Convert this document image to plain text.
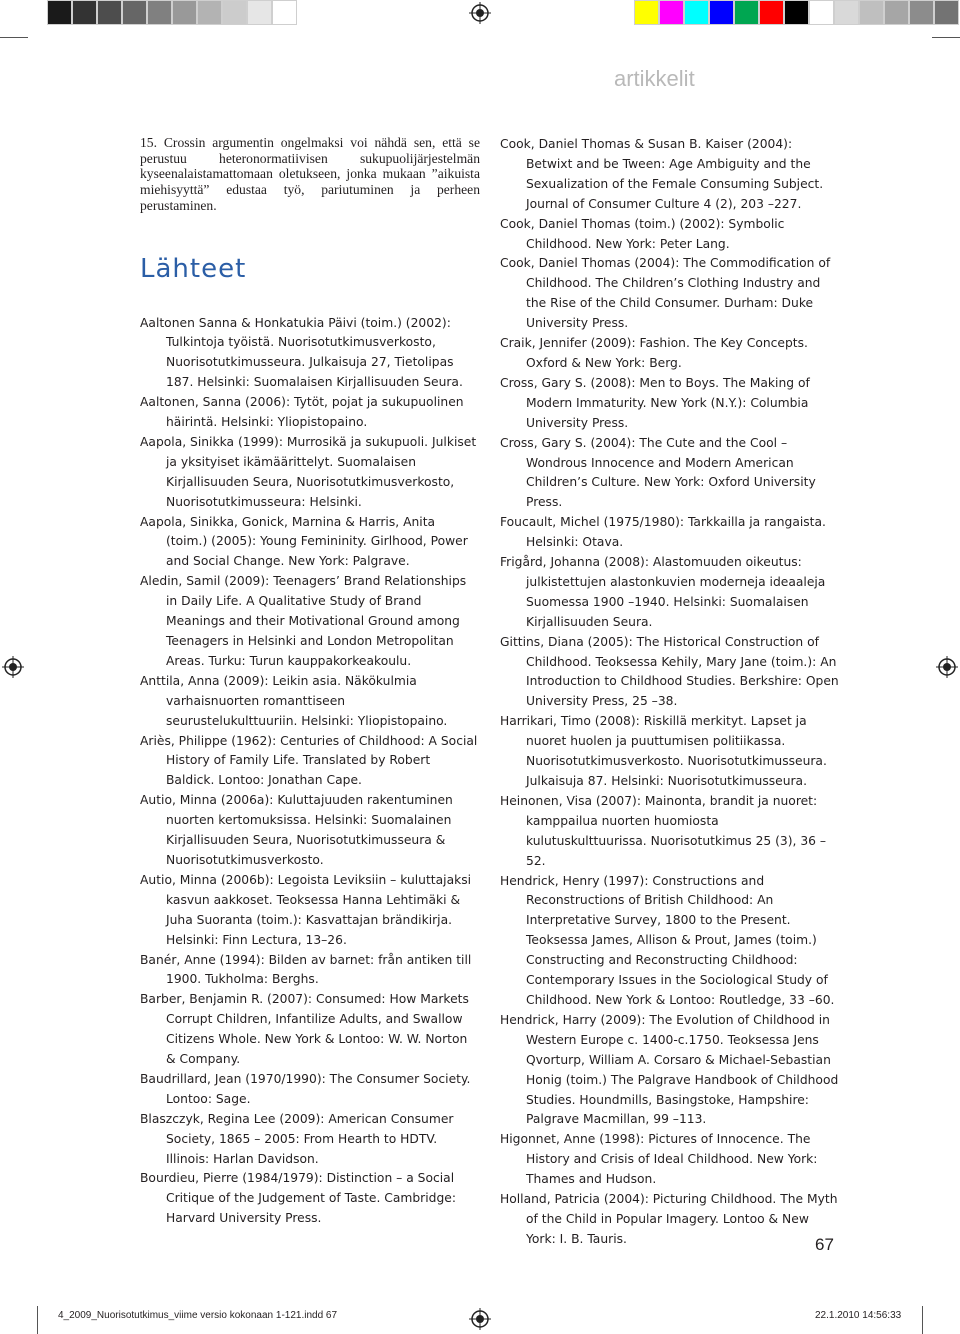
artikkelit

15. Crossin argumentin ongelmaksi voi nähdä sen, että se perustuu heteronormatiivisen sukupuolijärjestelmän kyseenalaistamattomaan oletukseen, jonka mukaan ”aikuista miehisyyttä” edustaa työ, pariutuminen ja perheen perustaminen.

Lähteet

Aaltonen Sanna & Honkatukia Päivi (toim.) (2002): Tulkintoja työistä. Nuorisotutkimusverkosto, Nuorisotutkimusseura. Julkaisuja 27, Tietolipas 187. Helsinki: Suomalaisen Kirjallisuuden Seura.

Aaltonen, Sanna (2006): Tytöt, pojat ja sukupuolinen häirintä. Helsinki: Yliopistopaino.

Aapola, Sinikka (1999): Murrosikä ja sukupuoli. Julkiset ja yksityiset ikämäärittelyt. Suomalaisen Kirjallisuuden Seura, Nuorisotutkimusverkosto, Nuorisotutkimusseura: Helsinki.

Aapola, Sinikka, Gonick, Marnina & Harris, Anita (toim.) (2005): Young Femininity. Girlhood, Power and Social Change. New York: Palgrave.

Aledin, Samil (2009): Teenagers’ Brand Relationships in Daily Life. A Qualitative Study of Brand Meanings and their Motivational Ground among Teenagers in Helsinki and London Metropolitan Areas. Turku: Turun kauppakorkeakoulu.

Anttila, Anna (2009): Leikin asia. Näkökulmia varhaisnuorten romanttiseen seurustelukulttuuriin. Helsinki: Yliopistopaino.

Ariès, Philippe (1962): Centuries of Childhood: A Social History of Family Life. Translated by Robert Baldick. Lontoo: Jonathan Cape.

Autio, Minna (2006a): Kuluttajuuden rakentuminen nuorten kertomuksissa. Helsinki: Suomalainen Kirjallisuuden Seura, Nuorisotutkimusseura & Nuorisotutkimusverkosto.

Autio, Minna (2006b): Legoista Leviksiin – kuluttajaksi kasvun aakkoset. Teoksessa Hanna Lehtimäki & Juha Suoranta (toim.): Kasvattajan brändikirja. Helsinki: Finn Lectura, 13–26.

Banér, Anne (1994): Bilden av barnet: från antiken till 1900. Tukholma: Berghs.

Barber, Benjamin R. (2007): Consumed: How Markets Corrupt Children, Infantilize Adults, and Swallow Citizens Whole. New York & Lontoo: W. W. Norton & Company.

Baudrillard, Jean (1970/1990): The Consumer Society. Lontoo: Sage.

Blaszczyk, Regina Lee (2009): American Consumer Society, 1865 – 2005: From Hearth to HDTV. Illinois: Harlan Davidson.

Bourdieu, Pierre (1984/1979): Distinction – a Social Critique of the Judgement of Taste. Cambridge: Harvard University Press.

Cook, Daniel Thomas & Susan B. Kaiser (2004): Betwixt and be Tween: Age Ambiguity and the Sexualization of the Female Consuming Subject. Journal of Consumer Culture 4 (2), 203 –227.

Cook, Daniel Thomas (toim.) (2002): Symbolic Childhood. New York: Peter Lang.

Cook, Daniel Thomas (2004): The Commodification of Childhood. The Children’s Clothing Industry and the Rise of the Child Consumer. Durham: Duke University Press.

Craik, Jennifer (2009): Fashion. The Key Concepts. Oxford & New York: Berg.

Cross, Gary S. (2008): Men to Boys. The Making of Modern Immaturity. New York (N.Y.): Columbia University Press.

Cross, Gary S. (2004): The Cute and the Cool – Wondrous Innocence and Modern American Children’s Culture. New York: Oxford University Press.

Foucault, Michel (1975/1980): Tarkkailla ja rangaista. Helsinki: Otava.

Frigård, Johanna (2008): Alastomuuden oikeutus: julkistettujen alastonkuvien moderneja ideaaleja Suomessa 1900 –1940. Helsinki: Suomalaisen Kirjallisuuden Seura.

Gittins, Diana (2005): The Historical Construction of Childhood. Teoksessa Kehily, Mary Jane (toim.): An Introduction to Childhood Studies. Berkshire: Open University Press, 25 –38.

Harrikari, Timo (2008): Riskillä merkityt. Lapset ja nuoret huolen ja puuttumisen politiikassa. Nuorisotutkimusverkosto. Nuorisotutkimusseura. Julkaisuja 87. Helsinki: Nuorisotutkimusseura.

Heinonen, Visa (2007): Mainonta, brandit ja nuoret: kamppailua nuorten huomiosta kulutuskulttuurissa. Nuorisotutkimus 25 (3), 36 –52.

Hendrick, Henry (1997): Constructions and Reconstructions of British Childhood: An Interpretative Survey, 1800 to the Present. Teoksessa James, Allison & Prout, James (toim.) Constructing and Reconstructing Childhood: Contemporary Issues in the Sociological Study of Childhood. New York & Lontoo: Routledge, 33 –60.

Hendrick, Harry (2009): The Evolution of Childhood in Western Europe c. 1400-c.1750. Teoksessa Jens Qvorturp, William A. Corsaro & Michael-Sebastian Honig (toim.) The Palgrave Handbook of Childhood Studies. Houndmills, Basingstoke, Hampshire: Palgrave Macmillan, 99 –113.

Higonnet, Anne (1998): Pictures of Innocence. The History and Crisis of Ideal Childhood. New York: Thames and Hudson.

Holland, Patricia (2004): Picturing Childhood. The Myth of the Child in Popular Imagery. Lontoo & New York: I. B. Tauris.	67
4_2009_Nuorisotutkimus_viime versio kokonaan 1-121.indd 67	22.1.2010 14:56:33
